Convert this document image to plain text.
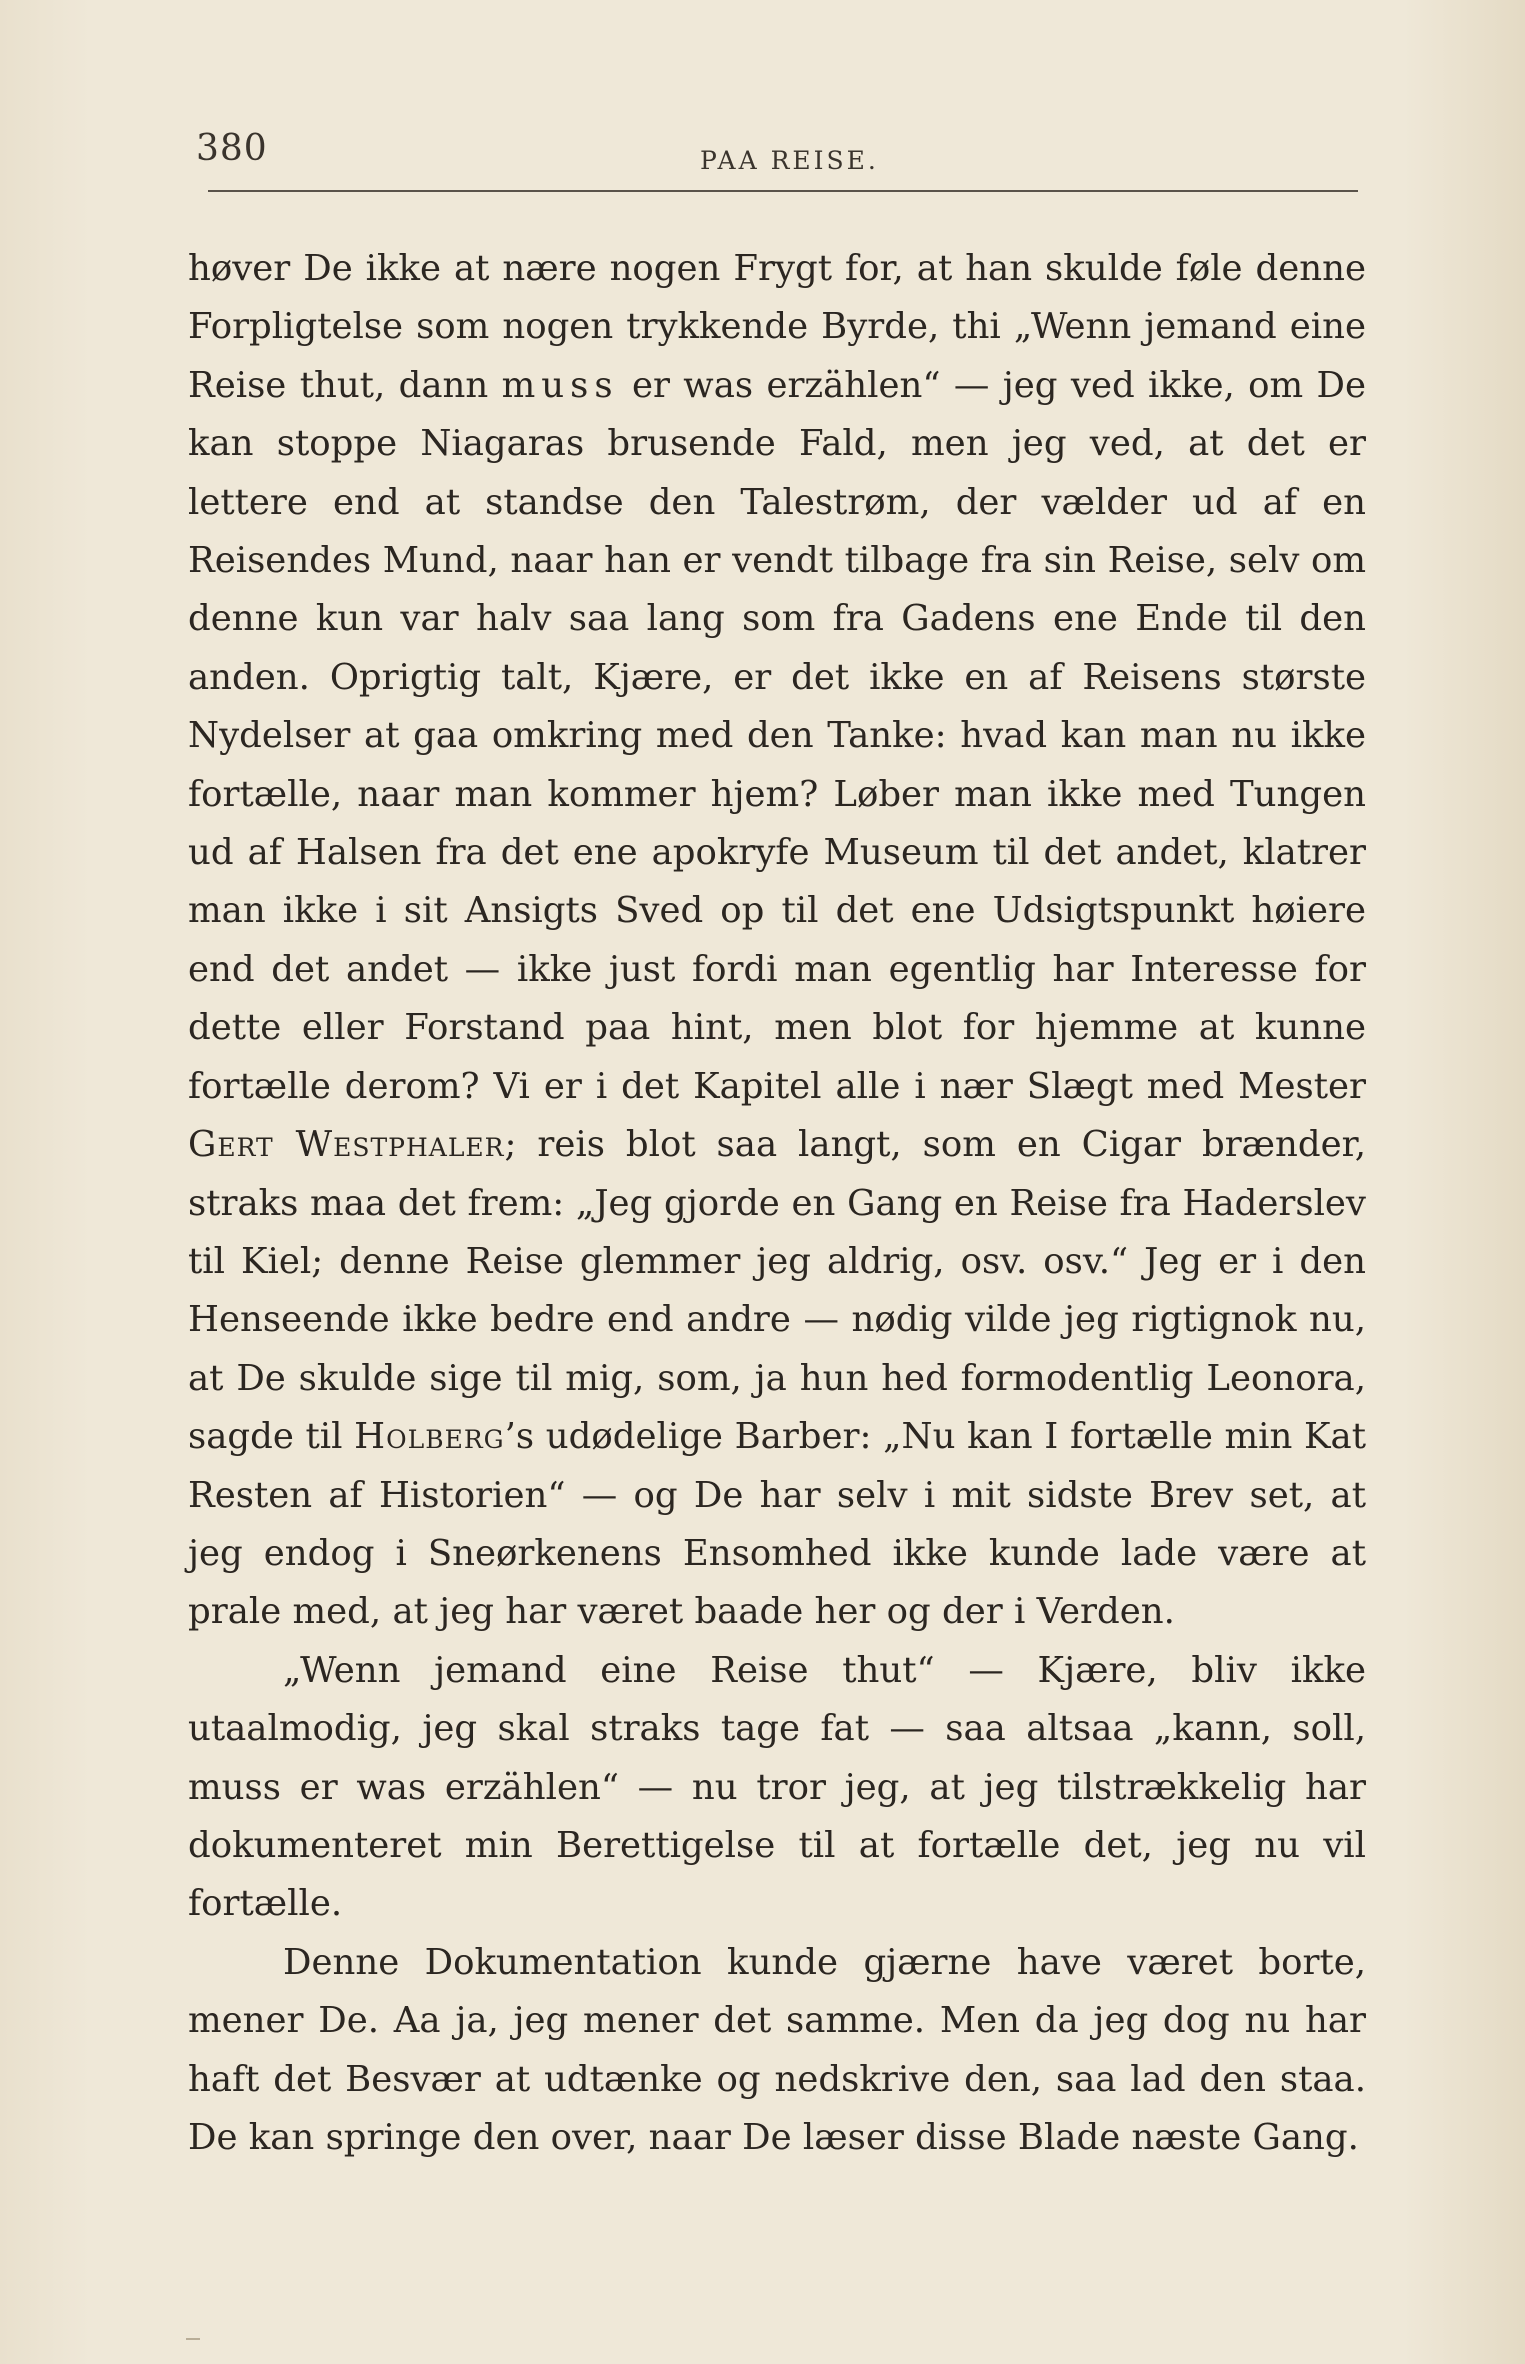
380	PAA REISE.

høver De ikke at nære nogen Frygt for, at han skulde føle denne Forpligtelse som nogen trykkende Byrde, thi „Wenn jemand eine Reise thut, dann muss er was erzählen“ — jeg ved ikke, om De kan stoppe Niagaras brusende Fald, men jeg ved, at det er lettere end at standse den Talestrøm, der vælder ud af en Reisendes Mund, naar han er vendt tilbage fra sin Reise, selv om denne kun var halv saa lang som fra Gadens ene Ende til den anden. Oprigtig talt, Kjære, er det ikke en af Reisens største Nydelser at gaa omkring med den Tanke: hvad kan man nu ikke fortælle, naar man kommer hjem? Løber man ikke med Tungen ud af Halsen fra det ene apokryfe Museum til det andet, klatrer man ikke i sit Ansigts Sved op til det ene Udsigtspunkt høiere end det andet — ikke just fordi man egentlig har Interesse for dette eller Forstand paa hint, men blot for hjemme at kunne fortælle derom? Vi er i det Kapitel alle i nær Slægt med Mester Gert Westphaler; reis blot saa langt, som en Cigar brænder, straks maa det frem: „Jeg gjorde en Gang en Reise fra Haderslev til Kiel; denne Reise glemmer jeg aldrig, osv. osv.“ Jeg er i den Henseende ikke bedre end andre — nødig vilde jeg rigtignok nu, at De skulde sige til mig, som, ja hun hed formodentlig Leonora, sagde til Holberg’s udødelige Barber: „Nu kan I fortælle min Kat Resten af Historien“ — og De har selv i mit sidste Brev set, at jeg endog i Sneørkenens Ensomhed ikke kunde lade være at prale med, at jeg har været baade her og der i Verden.

„Wenn jemand eine Reise thut“ — Kjære, bliv ikke utaalmodig, jeg skal straks tage fat — saa altsaa „kann, soll, muss er was erzählen“ — nu tror jeg, at jeg tilstrækkelig har dokumenteret min Berettigelse til at fortælle det, jeg nu vil fortælle.

Denne Dokumentation kunde gjærne have været borte, mener De. Aa ja, jeg mener det samme. Men da jeg dog nu har haft det Besvær at udtænke og nedskrive den, saa lad den staa. De kan springe den over, naar De læser disse Blade næste Gang.
